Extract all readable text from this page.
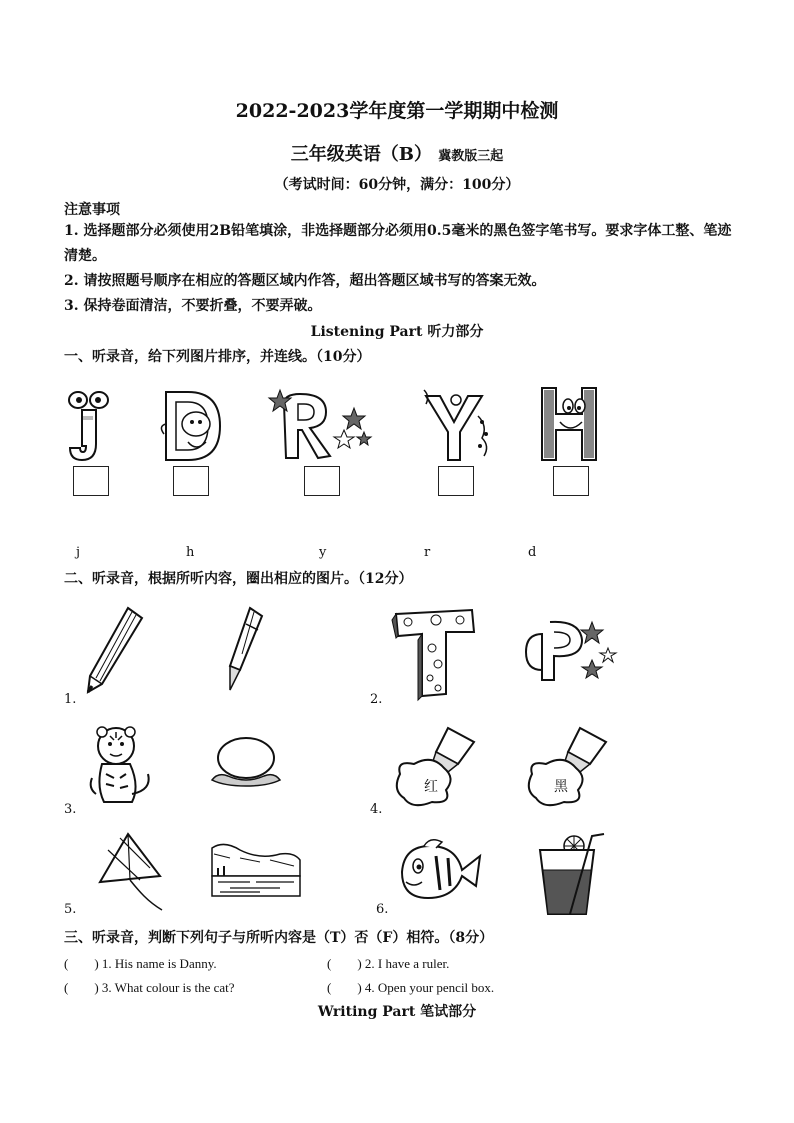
2022-2023学年度第一学期期中检测
三年级英语（B） 冀教版三起
（考试时间：60分钟，满分：100分）
注意事项
1. 选择题部分必须使用2B铅笔填涂，非选择题部分必须用0.5毫米的黑色签字笔书写。要求字体工整、笔迹清楚。
2. 请按照题号顺序在相应的答题区域内作答，超出答题区域书写的答案无效。
3. 保持卷面清洁，不要折叠，不要弄破。
Listening Part 听力部分
一、听录音，给下列图片排序，并连线。（10分）
j	h	y	r	d
二、听录音，根据所听内容，圈出相应的图片。（12分）
1.	2.
3.	4.
红	黑
5.	6.
三、听录音，判断下列句子与所听内容是（T）否（F）相符。（8分）
(　　) 1. His name is Danny.	(　　) 2. I have a ruler.
(　　) 3. What colour is the cat?	(　　) 4. Open your pencil box.
Writing Part 笔试部分
